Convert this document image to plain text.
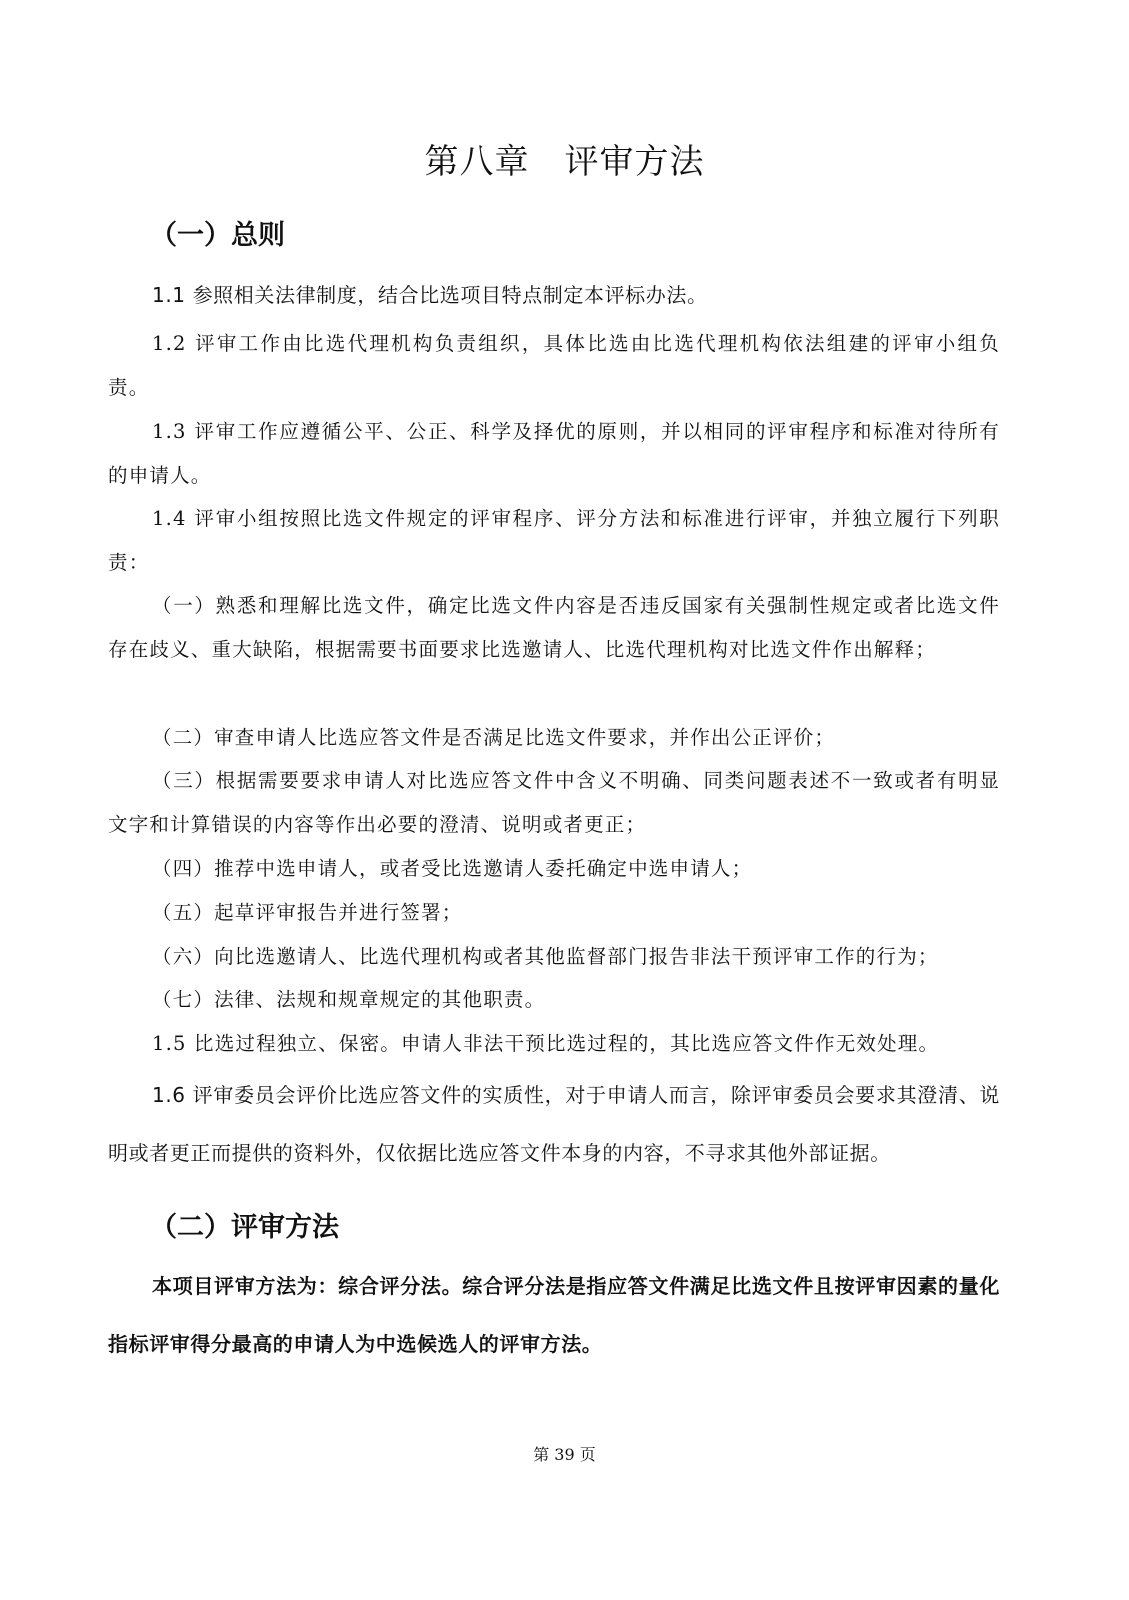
第八章　评审方法
（一）总则

1.1 参照相关法律制度，结合比选项目特点制定本评标办法。

1.2 评审工作由比选代理机构负责组织，具体比选由比选代理机构依法组建的评审小组负责。

1.3 评审工作应遵循公平、公正、科学及择优的原则，并以相同的评审程序和标准对待所有的申请人。

1.4 评审小组按照比选文件规定的评审程序、评分方法和标准进行评审，并独立履行下列职责：

（一）熟悉和理解比选文件，确定比选文件内容是否违反国家有关强制性规定或者比选文件存在歧义、重大缺陷，根据需要书面要求比选邀请人、比选代理机构对比选文件作出解释；

（二）审查申请人比选应答文件是否满足比选文件要求，并作出公正评价；

（三）根据需要要求申请人对比选应答文件中含义不明确、同类问题表述不一致或者有明显文字和计算错误的内容等作出必要的澄清、说明或者更正；

（四）推荐中选申请人，或者受比选邀请人委托确定中选申请人；

（五）起草评审报告并进行签署；

（六）向比选邀请人、比选代理机构或者其他监督部门报告非法干预评审工作的行为；

（七）法律、法规和规章规定的其他职责。

1.5 比选过程独立、保密。申请人非法干预比选过程的，其比选应答文件作无效处理。

1.6 评审委员会评价比选应答文件的实质性，对于申请人而言，除评审委员会要求其澄清、说明或者更正而提供的资料外，仅依据比选应答文件本身的内容，不寻求其他外部证据。

（二）评审方法

本项目评审方法为：综合评分法。综合评分法是指应答文件满足比选文件且按评审因素的量化指标评审得分最高的申请人为中选候选人的评审方法。

第 39 页
